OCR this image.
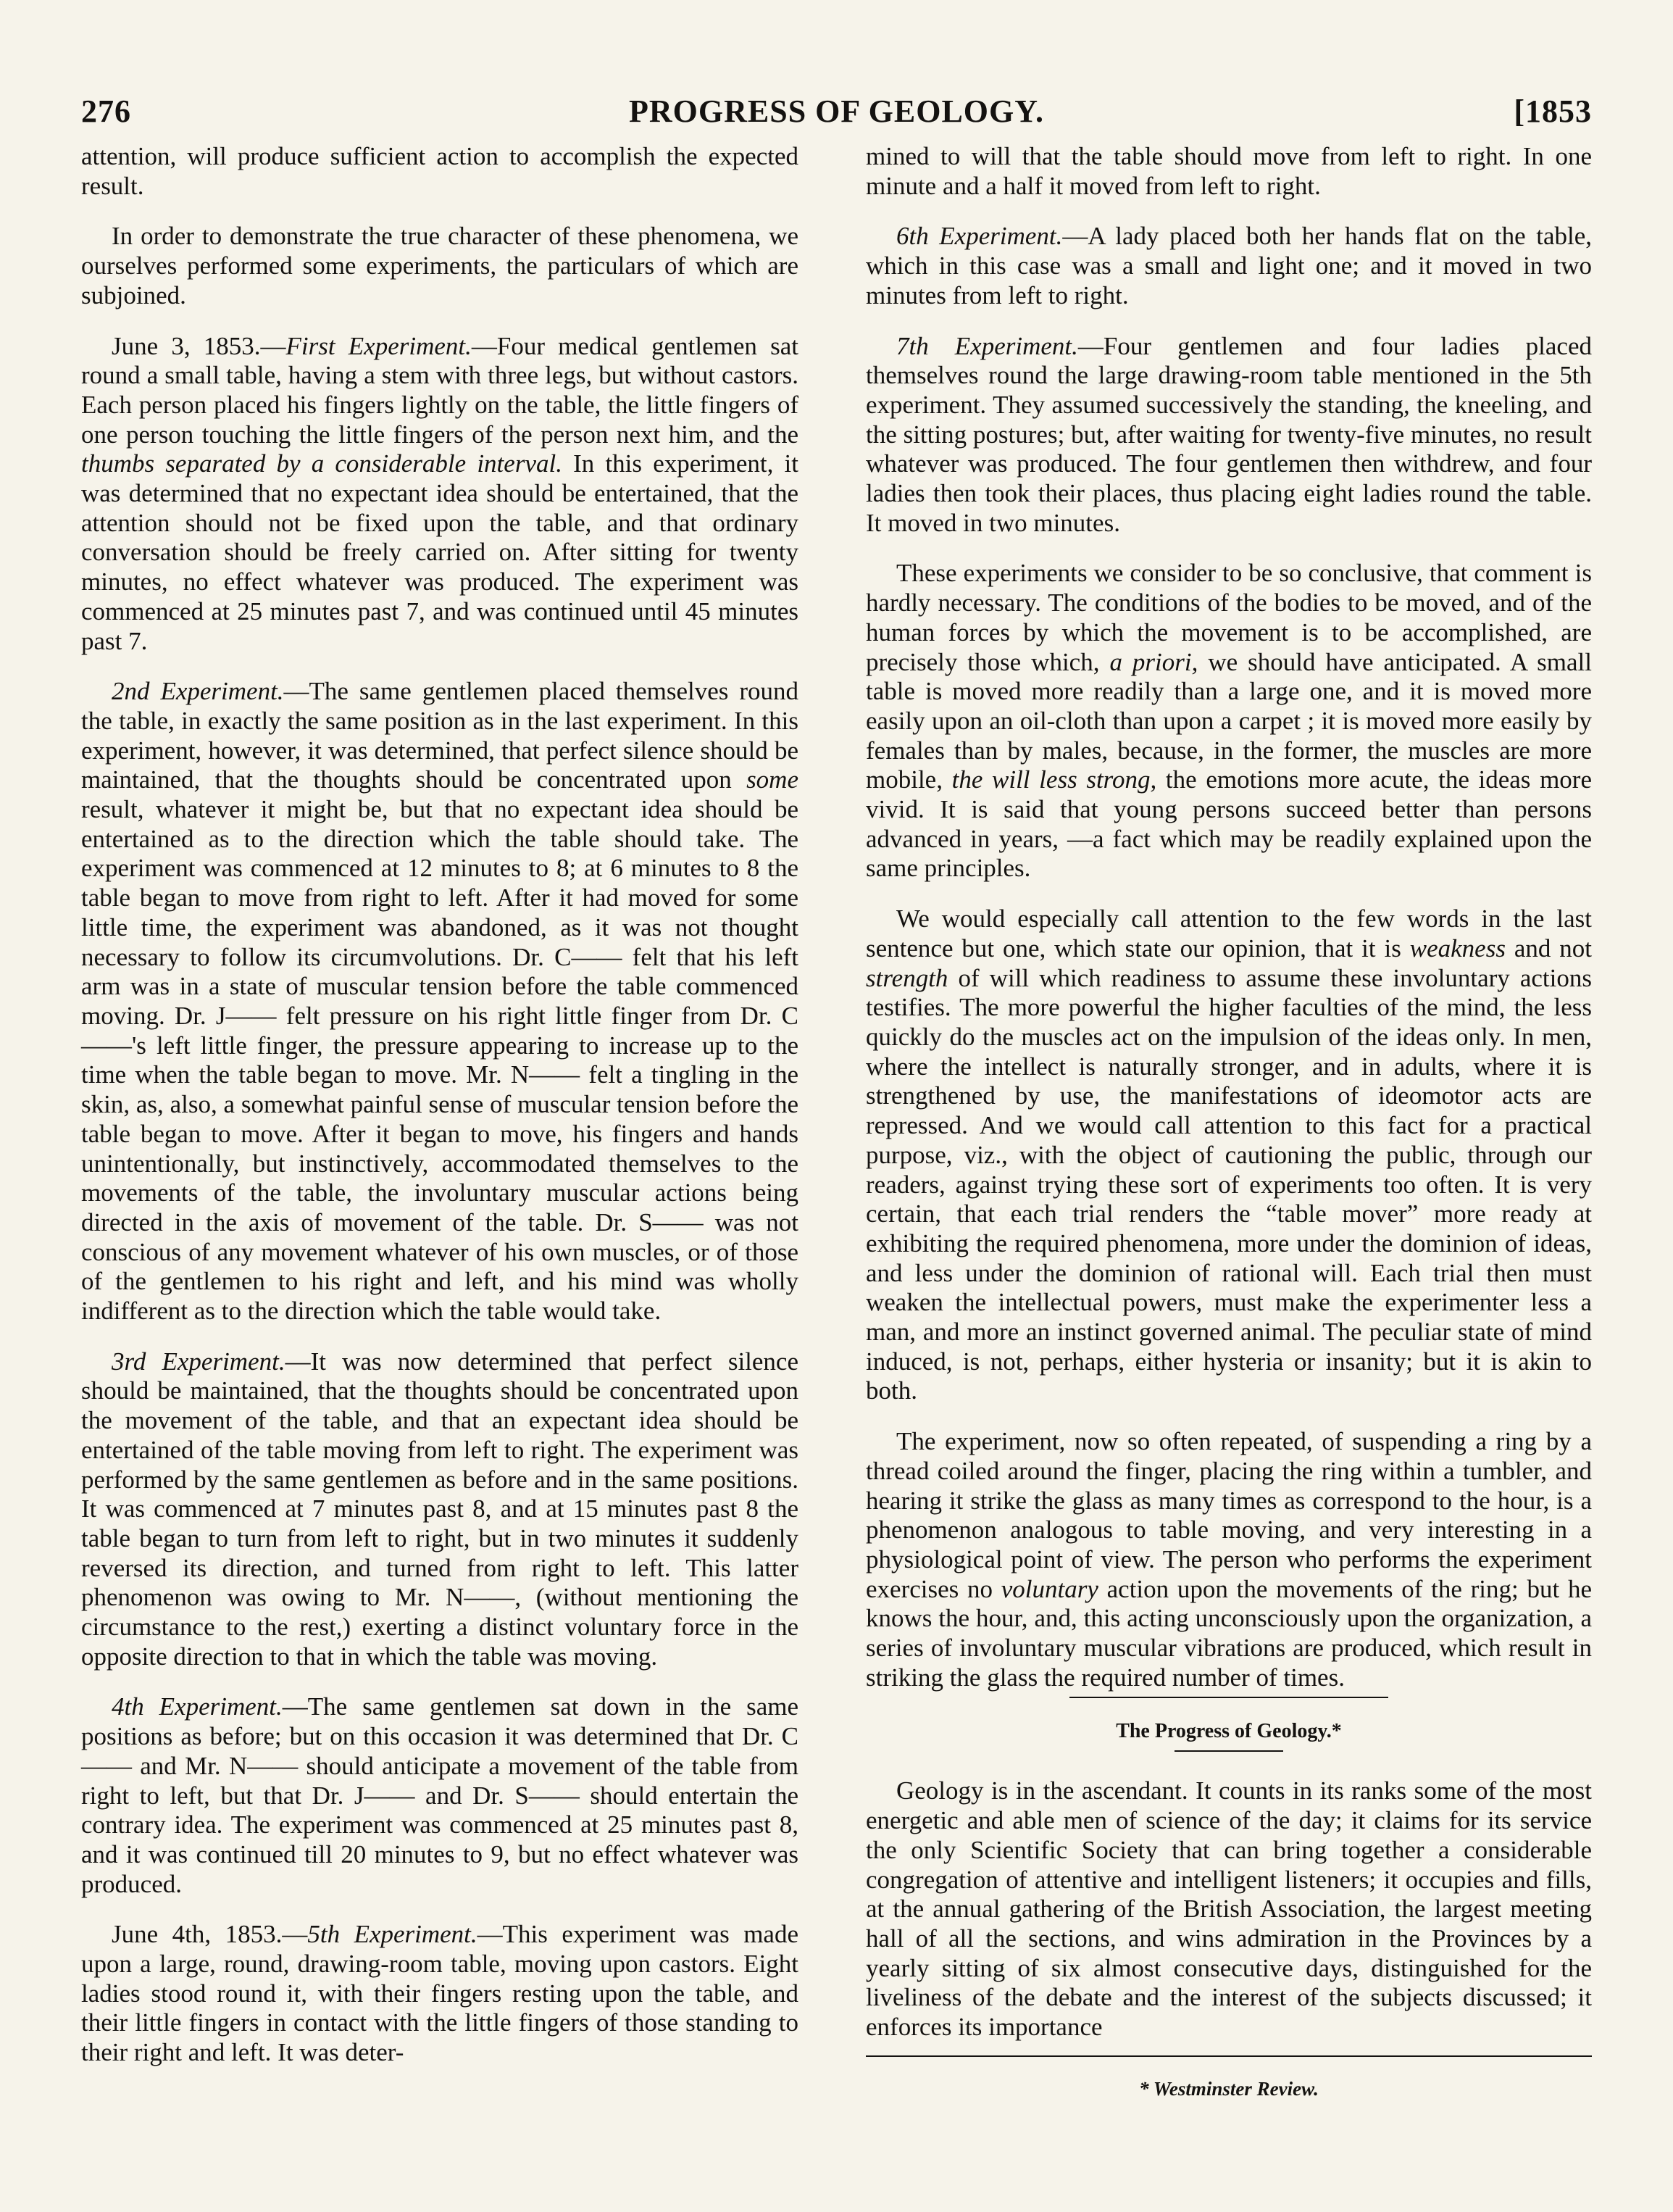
276	PROGRESS OF GEOLOGY.	[1853

attention, will produce sufficient action to accomplish the expected result.

In order to demonstrate the true character of these phenomena, we ourselves performed some experiments, the particulars of which are subjoined.

June 3, 1853.—First Experiment.—Four medical gentlemen sat round a small table, having a stem with three legs, but without castors. Each person placed his fingers lightly on the table, the little fingers of one person touching the little fingers of the person next him, and the thumbs separated by a considerable interval. In this experiment, it was determined that no expectant idea should be entertained, that the attention should not be fixed upon the table, and that ordinary conversation should be freely carried on. After sitting for twenty minutes, no effect whatever was produced. The experiment was commenced at 25 minutes past 7, and was continued until 45 minutes past 7.

2nd Experiment.—The same gentlemen placed themselves round the table, in exactly the same position as in the last experiment. In this experiment, however, it was determined, that perfect silence should be maintained, that the thoughts should be concentrated upon some result, whatever it might be, but that no expectant idea should be entertained as to the direction which the table should take. The experiment was commenced at 12 minutes to 8; at 6 minutes to 8 the table began to move from right to left. After it had moved for some little time, the experiment was abandoned, as it was not thought necessary to follow its circumvolutions. Dr. C—— felt that his left arm was in a state of muscular tension before the table commenced moving. Dr. J—— felt pressure on his right little finger from Dr. C——'s left little finger, the pressure appearing to increase up to the time when the table began to move. Mr. N—— felt a tingling in the skin, as, also, a somewhat painful sense of muscular tension before the table began to move. After it began to move, his fingers and hands unintentionally, but instinctively, accommodated themselves to the movements of the table, the involuntary muscular actions being directed in the axis of movement of the table. Dr. S—— was not conscious of any movement whatever of his own muscles, or of those of the gentlemen to his right and left, and his mind was wholly indifferent as to the direction which the table would take.

3rd Experiment.—It was now determined that perfect silence should be maintained, that the thoughts should be concentrated upon the movement of the table, and that an expectant idea should be entertained of the table moving from left to right. The experiment was performed by the same gentlemen as before and in the same positions. It was commenced at 7 minutes past 8, and at 15 minutes past 8 the table began to turn from left to right, but in two minutes it suddenly reversed its direction, and turned from right to left. This latter phenomenon was owing to Mr. N——, (without mentioning the circumstance to the rest,) exerting a distinct voluntary force in the opposite direction to that in which the table was moving.

4th Experiment.—The same gentlemen sat down in the same positions as before; but on this occasion it was determined that Dr. C—— and Mr. N—— should anticipate a movement of the table from right to left, but that Dr. J—— and Dr. S—— should entertain the contrary idea. The experiment was commenced at 25 minutes past 8, and it was continued till 20 minutes to 9, but no effect whatever was produced.

June 4th, 1853.—5th Experiment.—This experiment was made upon a large, round, drawing-room table, moving upon castors. Eight ladies stood round it, with their fingers resting upon the table, and their little fingers in contact with the little fingers of those standing to their right and left. It was deter-

mined to will that the table should move from left to right. In one minute and a half it moved from left to right.

6th Experiment.—A lady placed both her hands flat on the table, which in this case was a small and light one; and it moved in two minutes from left to right.

7th Experiment.—Four gentlemen and four ladies placed themselves round the large drawing-room table mentioned in the 5th experiment. They assumed successively the standing, the kneeling, and the sitting postures; but, after waiting for twenty-five minutes, no result whatever was produced. The four gentlemen then withdrew, and four ladies then took their places, thus placing eight ladies round the table. It moved in two minutes.

These experiments we consider to be so conclusive, that comment is hardly necessary. The conditions of the bodies to be moved, and of the human forces by which the movement is to be accomplished, are precisely those which, a priori, we should have anticipated. A small table is moved more readily than a large one, and it is moved more easily upon an oil-cloth than upon a carpet ; it is moved more easily by females than by males, because, in the former, the muscles are more mobile, the will less strong, the emotions more acute, the ideas more vivid. It is said that young persons succeed better than persons advanced in years, —a fact which may be readily explained upon the same principles.

We would especially call attention to the few words in the last sentence but one, which state our opinion, that it is weakness and not strength of will which readiness to assume these involuntary actions testifies. The more powerful the higher faculties of the mind, the less quickly do the muscles act on the impulsion of the ideas only. In men, where the intellect is naturally stronger, and in adults, where it is strengthened by use, the manifestations of ideomotor acts are repressed. And we would call attention to this fact for a practical purpose, viz., with the object of cautioning the public, through our readers, against trying these sort of experiments too often. It is very certain, that each trial renders the “table mover” more ready at exhibiting the required phenomena, more under the dominion of ideas, and less under the dominion of rational will. Each trial then must weaken the intellectual powers, must make the experimenter less a man, and more an instinct governed animal. The peculiar state of mind induced, is not, perhaps, either hysteria or insanity; but it is akin to both.

The experiment, now so often repeated, of suspending a ring by a thread coiled around the finger, placing the ring within a tumbler, and hearing it strike the glass as many times as correspond to the hour, is a phenomenon analogous to table moving, and very interesting in a physiological point of view. The person who performs the experiment exercises no voluntary action upon the movements of the ring; but he knows the hour, and, this acting unconsciously upon the organization, a series of involuntary muscular vibrations are produced, which result in striking the glass the required number of times.

The Progress of Geology.*

Geology is in the ascendant. It counts in its ranks some of the most energetic and able men of science of the day; it claims for its service the only Scientific Society that can bring together a considerable congregation of attentive and intelligent listeners; it occupies and fills, at the annual gathering of the British Association, the largest meeting hall of all the sections, and wins admiration in the Provinces by a yearly sitting of six almost consecutive days, distinguished for the liveliness of the debate and the interest of the subjects discussed; it enforces its importance

* Westminster Review.
